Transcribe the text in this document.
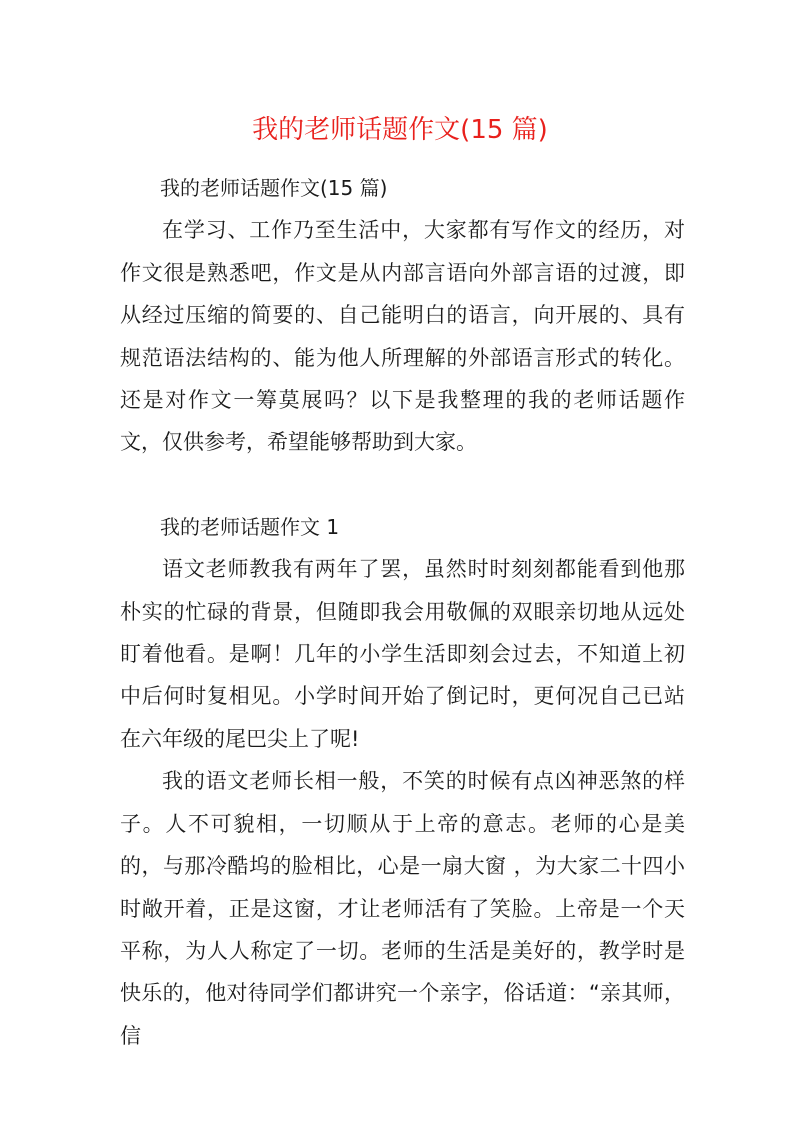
我的老师话题作文(15 篇)

我的老师话题作文(15 篇)

在学习、工作乃至生活中，大家都有写作文的经历，对作文很是熟悉吧，作文是从内部言语向外部言语的过渡，即从经过压缩的简要的、自己能明白的语言，向开展的、具有规范语法结构的、能为他人所理解的外部语言形式的转化。还是对作文一筹莫展吗？以下是我整理的我的老师话题作文，仅供参考，希望能够帮助到大家。

我的老师话题作文 1

语文老师教我有两年了罢，虽然时时刻刻都能看到他那朴实的忙碌的背景，但随即我会用敬佩的双眼亲切地从远处盯着他看。是啊！几年的小学生活即刻会过去，不知道上初中后何时复相见。小学时间开始了倒记时，更何况自己已站在六年级的尾巴尖上了呢!

我的语文老师长相一般，不笑的时候有点凶神恶煞的样子。人不可貌相，一切顺从于上帝的意志。老师的心是美的，与那冷酷坞的脸相比，心是一扇大窗 ，为大家二十四小时敞开着，正是这窗，才让老师活有了笑脸。上帝是一个天平称，为人人称定了一切。老师的生活是美好的，教学时是快乐的，他对待同学们都讲究一个亲字，俗话道：“亲其师，信
